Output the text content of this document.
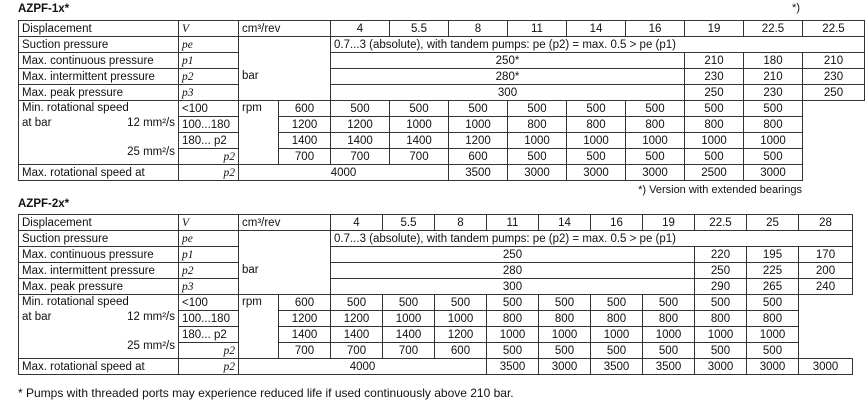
AZPF-1x*	*)
Displacement	V	cm³/rev		4	5.5	8	11	14	16	19	22.5	22.5
Suction pressure	pe			0.7...3 (absolute), with tandem pumps: pe (p2) = max. 0.5 > pe (p1)								
Max. continuous pressure	p1	bar		250*						210	180	210
Max. intermittent pressure	p2			280*						230	210	230
Max. peak pressure	p3			300						250	230	250

Min. rotational speed
at bar 12 mm²/s
25 mm²/s	<100	rpm	600	500	500	500	500	500	500	500	500	
	100...180		1200	1200	1000	1000	800	800	800	800	800	
	180... p2		1400	1400	1400	1200	1000	1000	1000	1000	1000	
	p2		700	700	700	600	500	500	500	500	500	
Max. rotational speed at	p2	4000				3500	3000	3000	3000	2500	3000	
*) Version with extended bearings
AZPF-2x*
Displacement	V	cm³/rev		4	5.5	8	11	14	16	19	22.5	25	28
Suction pressure	pe			0.7...3 (absolute), with tandem pumps: pe (p2) = max. 0.5 > pe (p1)									
Max. continuous pressure	p1	bar		250							220	195	170
Max. intermittent pressure	p2			280							250	225	200
Max. peak pressure	p3			300							290	265	240

Min. rotational speed
at bar 12 mm²/s
25 mm²/s	<100	rpm	600	500	500	500	500	500	500	500	500	500	
	100...180		1200	1200	1000	1000	800	800	800	800	800	800	
	180... p2		1400	1400	1400	1200	1000	1000	1000	1000	1000	1000	
	p2		700	700	700	600	500	500	500	500	500	500	
Max. rotational speed at	p2	4000					3500	3000	3500	3500	3000	3000	3000
* Pumps with threaded ports may experience reduced life if used continuously above 210 bar.
